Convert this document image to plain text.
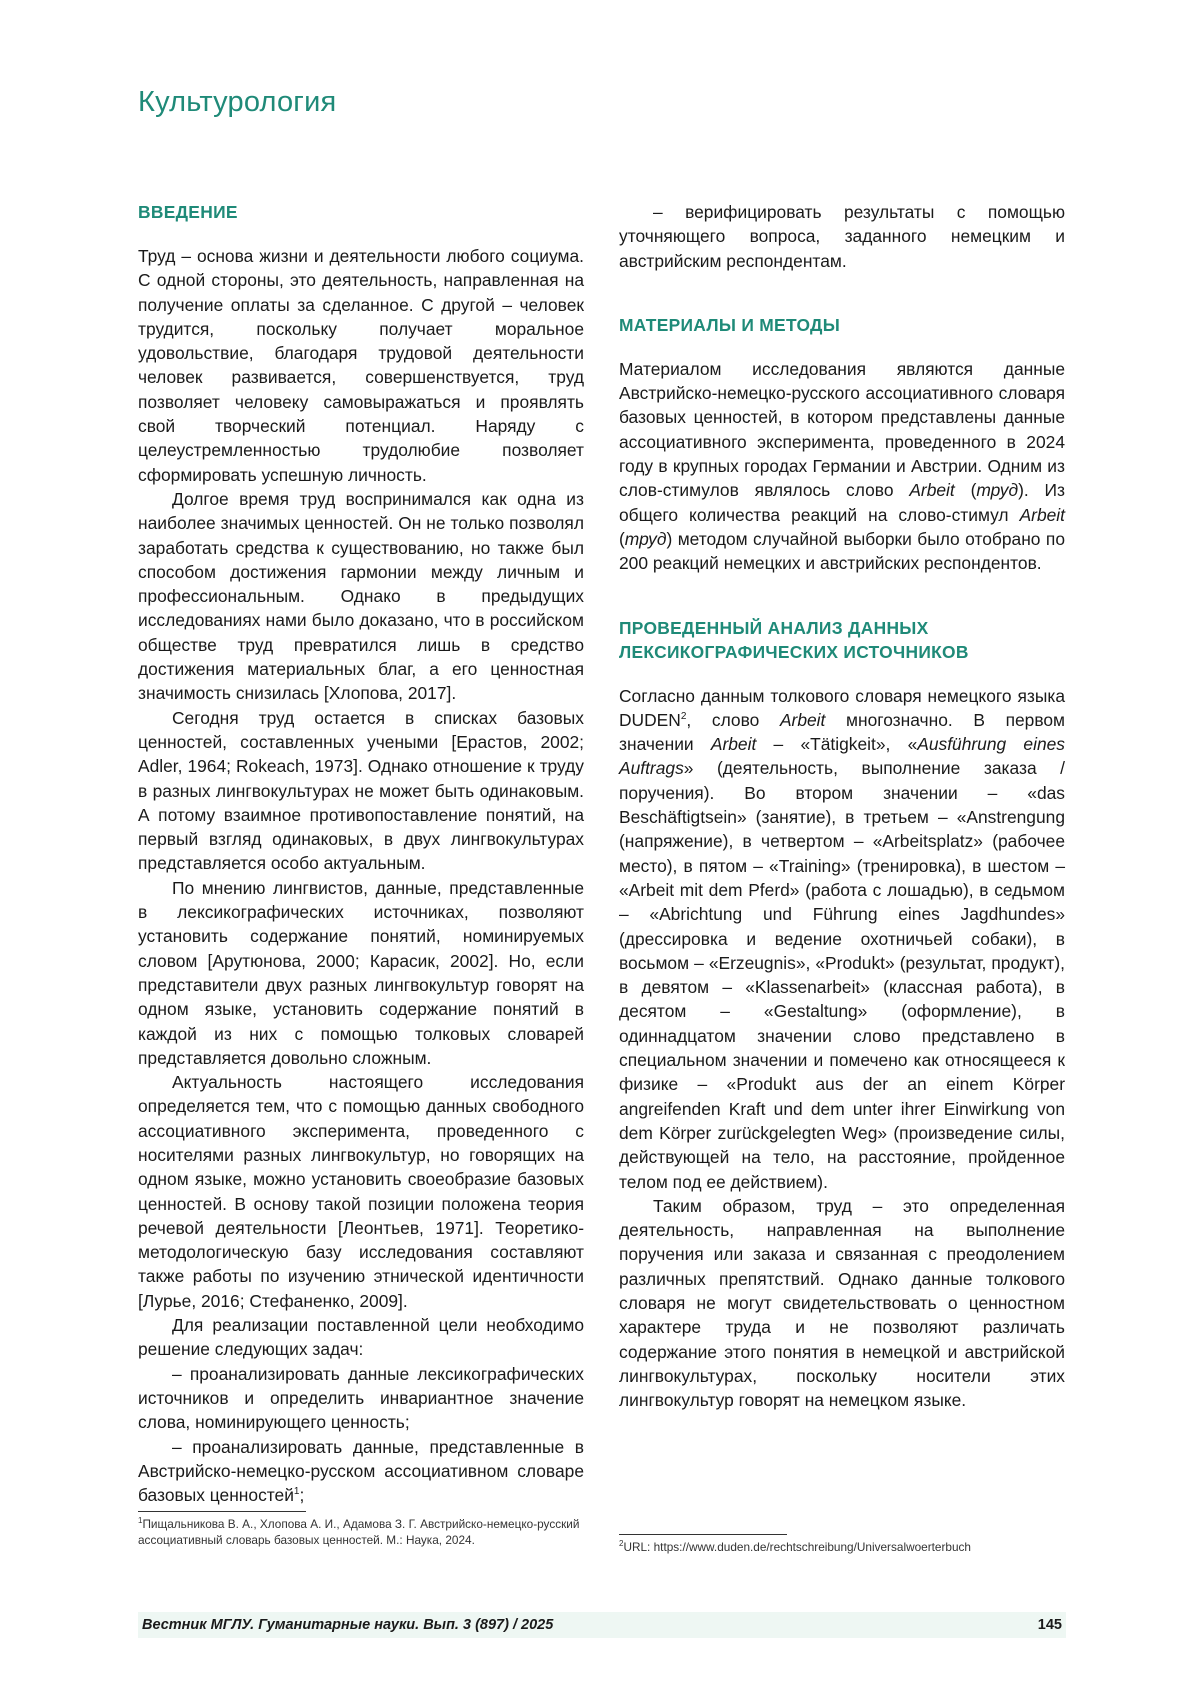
Культурология
ВВЕДЕНИЕ

Труд – основа жизни и деятельности любого социума. С одной стороны, это деятельность, направленная на получение оплаты за сделанное. С другой – человек трудится, поскольку получает моральное удовольствие, благодаря трудовой деятельности человек развивается, совершенствуется, труд позволяет человеку самовыражаться и проявлять свой творческий потенциал. Наряду с целеустремленностью трудолюбие позволяет сформировать успешную личность.

Долгое время труд воспринимался как одна из наиболее значимых ценностей. Он не только позволял заработать средства к существованию, но также был способом достижения гармонии между личным и профессиональным. Однако в предыдущих исследованиях нами было доказано, что в российском обществе труд превратился лишь в средство достижения материальных благ, а его ценностная значимость снизилась [Хлопова, 2017].

Сегодня труд остается в списках базовых ценностей, составленных учеными [Ерастов, 2002; Adler, 1964; Rokeach, 1973]. Однако отношение к труду в разных лингвокультурах не может быть одинаковым. А потому взаимное противопоставление понятий, на первый взгляд одинаковых, в двух лингвокультурах представляется особо актуальным.

По мнению лингвистов, данные, представленные в лексикографических источниках, позволяют установить содержание понятий, номинируемых словом [Арутюнова, 2000; Карасик, 2002]. Но, если представители двух разных лингвокультур говорят на одном языке, установить содержание понятий в каждой из них с помощью толковых словарей представляется довольно сложным.

Актуальность настоящего исследования определяется тем, что с помощью данных свободного ассоциативного эксперимента, проведенного с носителями разных лингвокультур, но говорящих на одном языке, можно установить своеобразие базовых ценностей. В основу такой позиции положена теория речевой деятельности [Леонтьев, 1971]. Теоретико-методологическую базу исследования составляют также работы по изучению этнической идентичности [Лурье, 2016; Стефаненко, 2009].

Для реализации поставленной цели необходимо решение следующих задач:

– проанализировать данные лексикографических источников и определить инвариантное значение слова, номинирующего ценность;

– проанализировать данные, представленные в Австрийско-немецко-русском ассоциативном словаре базовых ценностей$^1$;

$^1$Пищальникова В. А., Хлопова А. И., Адамова З. Г. Австрийско-немецко-русский ассоциативный словарь базовых ценностей. М.: Наука, 2024.

– верифицировать результаты с помощью уточняющего вопроса, заданного немецким и австрийским респондентам.

МАТЕРИАЛЫ И МЕТОДЫ

Материалом исследования являются данные Австрийско-немецко-русского ассоциативного словаря базовых ценностей, в котором представлены данные ассоциативного эксперимента, проведенного в 2024 году в крупных городах Германии и Австрии. Одним из слов-стимулов являлось слово Arbeit (труд). Из общего количества реакций на слово-стимул Arbeit (труд) методом случайной выборки было отобрано по 200 реакций немецких и австрийских респондентов.

ПРОВЕДЕННЫЙ АНАЛИЗ ДАННЫХ
ЛЕКСИКОГРАФИЧЕСКИХ ИСТОЧНИКОВ

Согласно данным толкового словаря немецкого языка DUDEN$^2$, слово Arbeit многозначно. В первом значении Arbeit – «Tätigkeit», «Ausführung eines Auftrags» (деятельность, выполнение заказа / поручения). Во втором значении – «das Beschäftigtsein» (занятие), в третьем – «Anstrengung (напряжение), в четвертом – «Arbeitsplatz» (рабочее место), в пятом – «Training» (тренировка), в шестом – «Arbeit mit dem Pferd» (работа с лошадью), в седьмом – «Abrichtung und Führung eines Jagdhundes» (дрессировка и ведение охотничьей собаки), в восьмом – «Erzeugnis», «Produkt» (результат, продукт), в девятом – «Klassenarbeit» (классная работа), в десятом – «Gestaltung» (оформление), в одиннадцатом значении слово представлено в специальном значении и помечено как относящееся к физике – «Produkt aus der an einem Körper angreifenden Kraft und dem unter ihrer Einwirkung von dem Körper zurückgelegten Weg» (произведение силы, действующей на тело, на расстояние, пройденное телом под ее действием).

Таким образом, труд – это определенная деятельность, направленная на выполнение поручения или заказа и связанная с преодолением различных препятствий. Однако данные толкового словаря не могут свидетельствовать о ценностном характере труда и не позволяют различать содержание этого понятия в немецкой и австрийской лингвокультурах, поскольку носители этих лингвокультур говорят на немецком языке.

$^2$URL: https://www.duden.de/rechtschreibung/Universalwoerterbuch

Вестник МГЛУ. Гуманитарные науки. Вып. 3 (897) / 2025	145
